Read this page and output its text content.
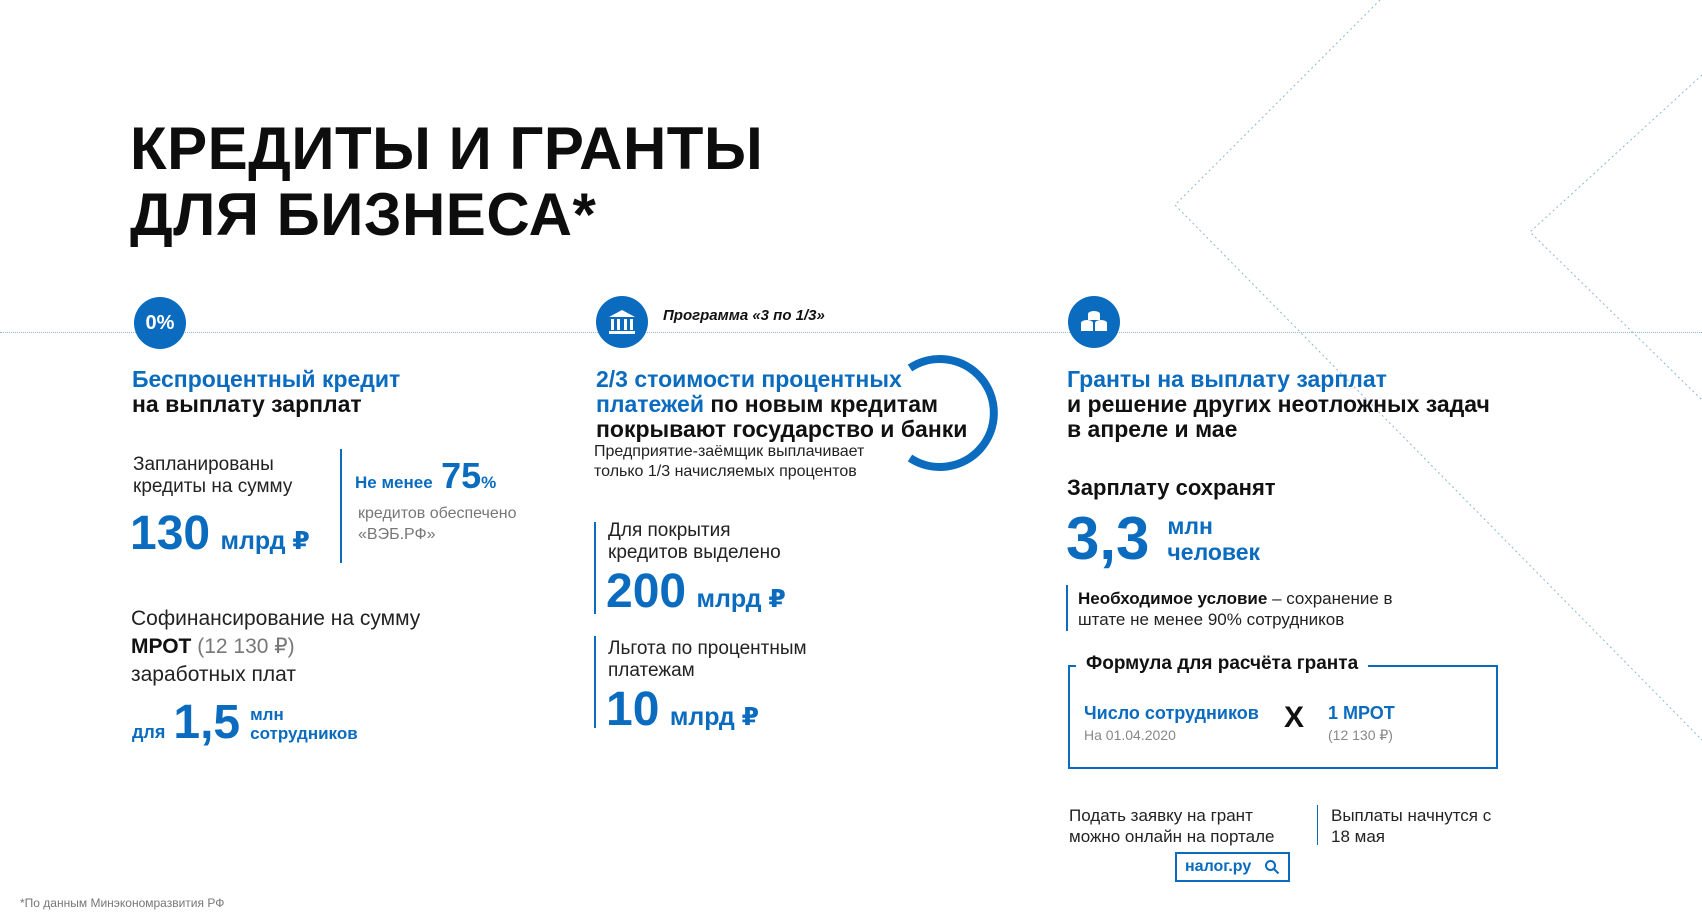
КРЕДИТЫ И ГРАНТЫ
ДЛЯ БИЗНЕСА*
0%
Беспроцентный кредит
на выплату зарплат
Запланированы кредиты на сумму
130 млрд ₽
Не менее 75%
кредитов обеспечено «ВЭБ.РФ»
Софинансирование на сумму
МРОТ (12 130 ₽)
заработных плат
для 1,5 млн
сотрудников
Программа «3 по 1/3»
2/3 стоимости процентных
платежей по новым кредитам
покрывают государство и банки
Предприятие-заёмщик выплачивает только 1/3 начисляемых процентов
Для покрытия кредитов выделено
200 млрд ₽
Льгота по процентным платежам
10 млрд ₽
Гранты на выплату зарплат
и решение других неотложных задач в апреле и мае
Зарплату сохранят
3,3 млн
человек
Необходимое условие – сохранение в штате не менее 90% сотрудников
Формула для расчёта гранта
Число сотрудников
На 01.04.2020
X 1 МРОТ
(12 130 ₽)
Подать заявку на грант можно онлайн на портале
налог.ру
Выплаты начнутся с 18 мая
*По данным Минэкономразвития РФ
